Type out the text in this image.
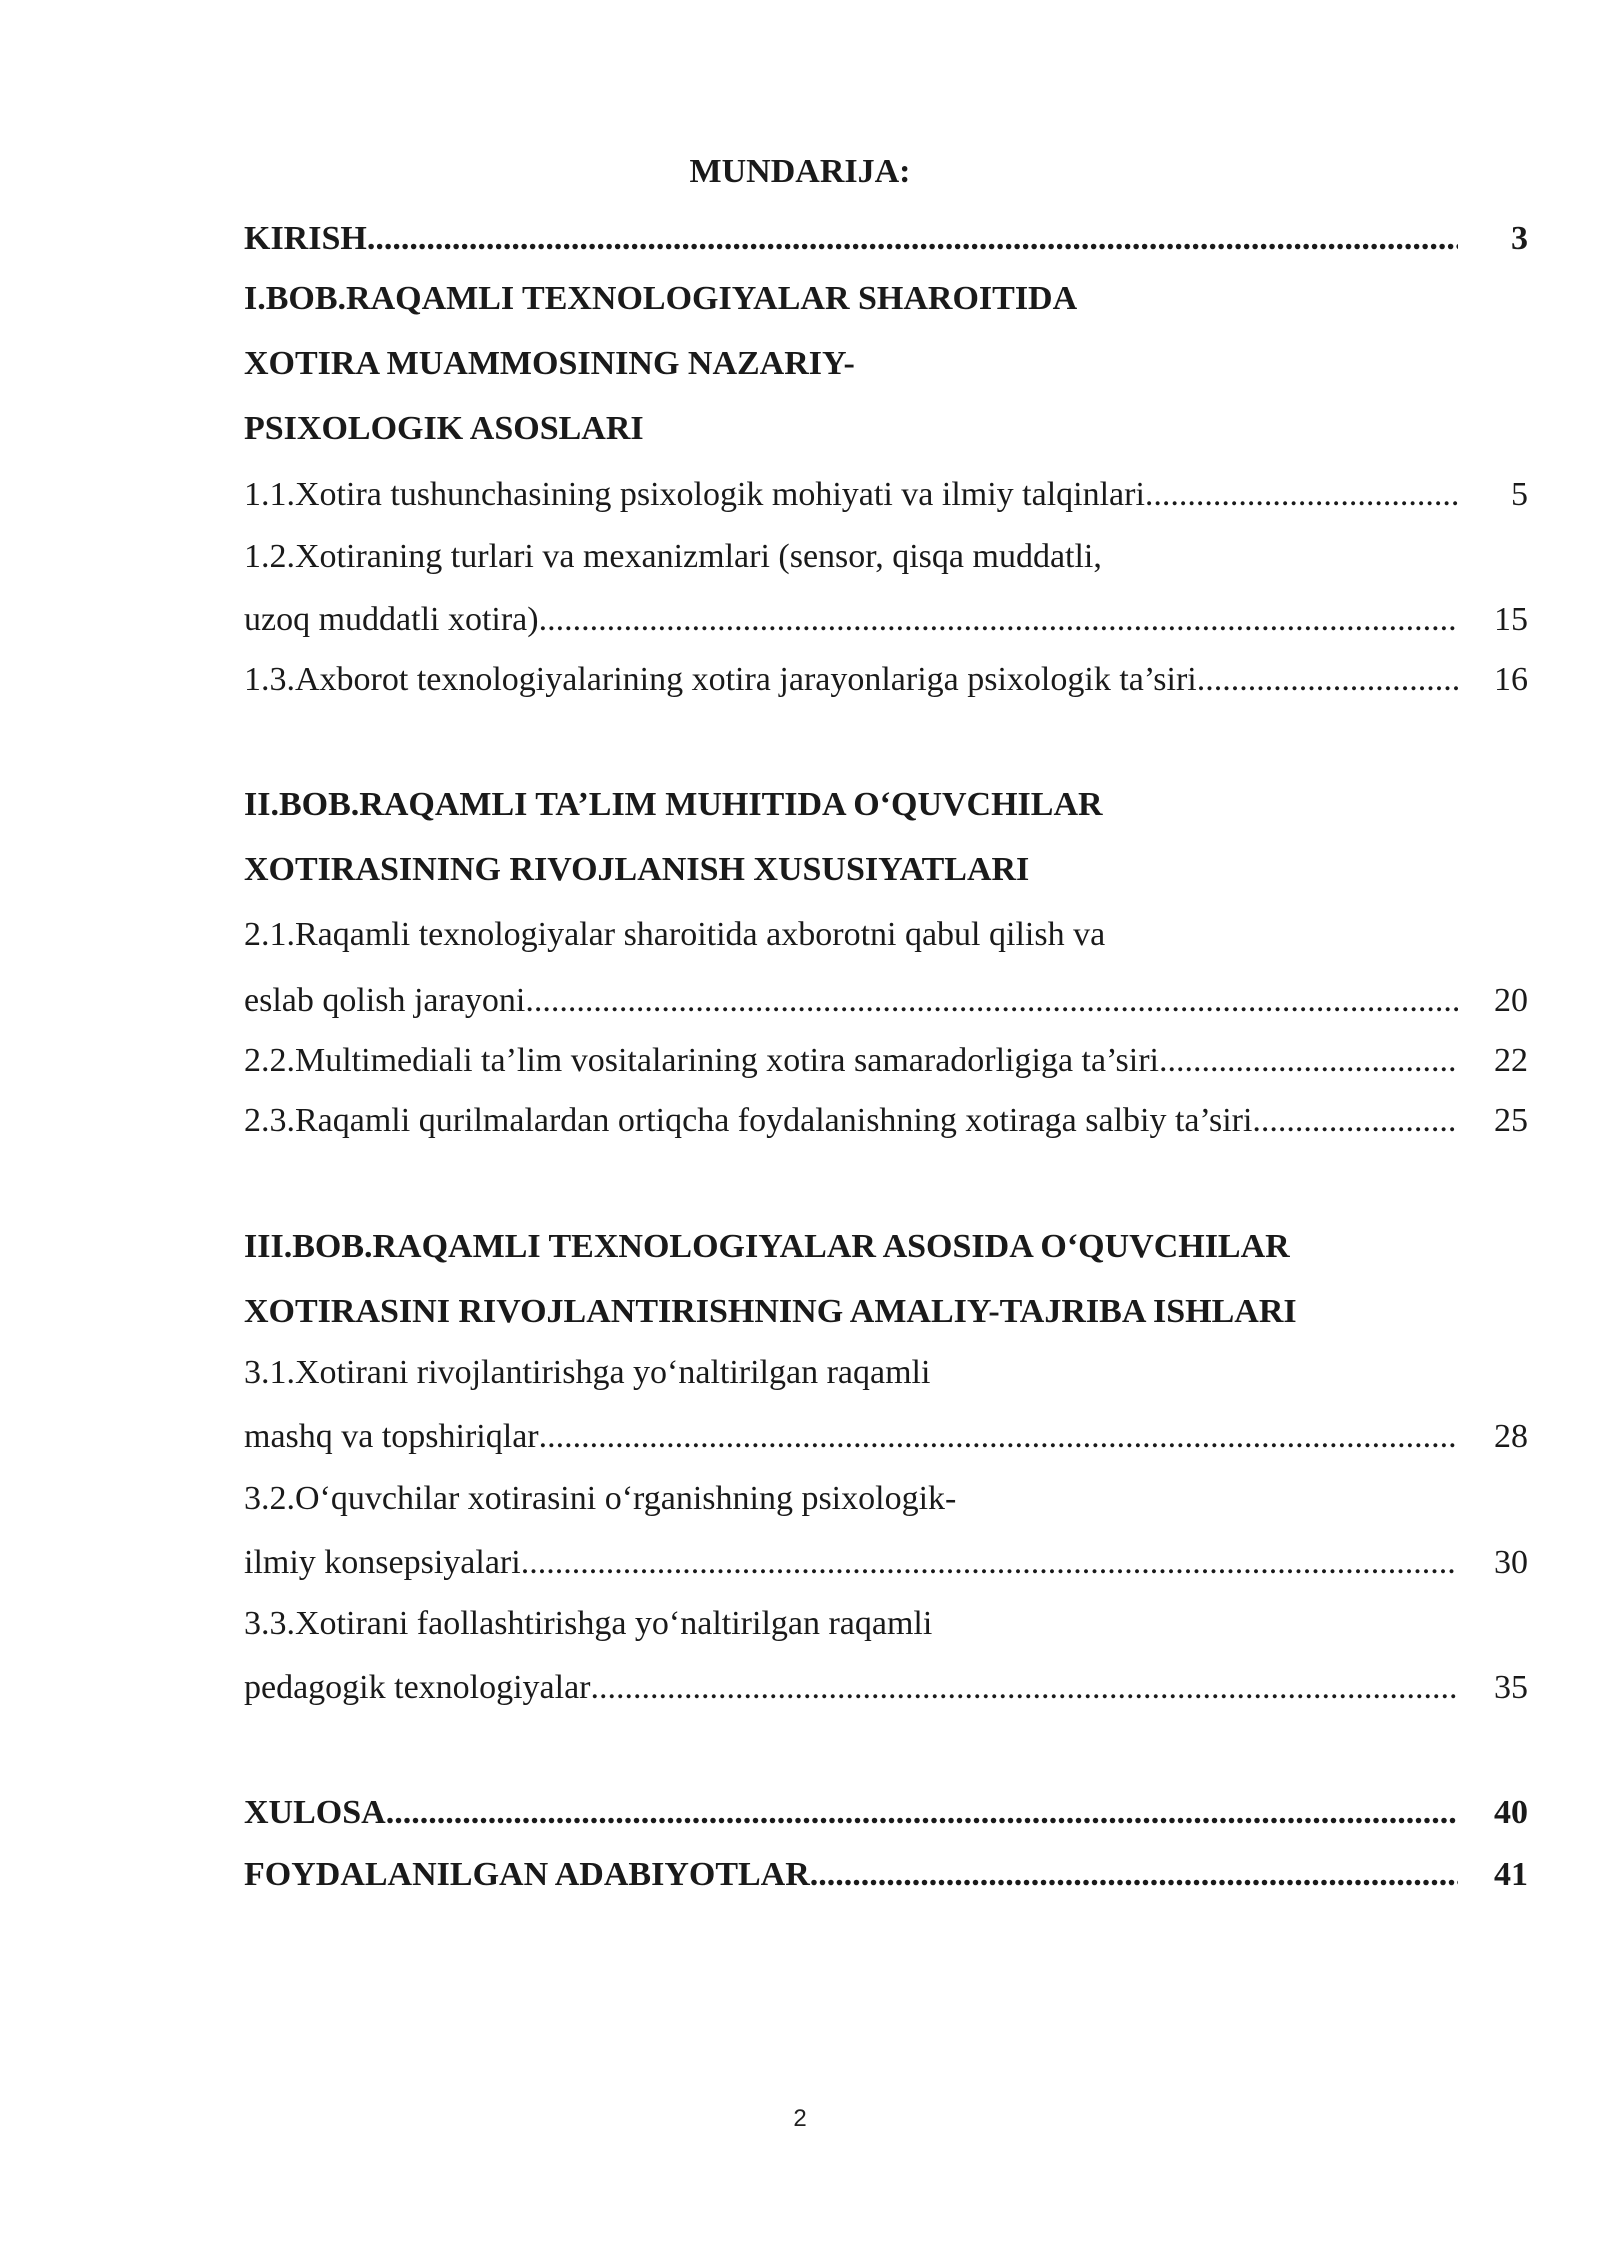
MUNDARIJA:
KIRISH .....	3
I.BOB.RAQAMLI TEXNOLOGIYALAR SHAROITIDA
XOTIRA MUAMMOSINING NAZARIY-
PSIXOLOGIK ASOSLARI
1.1.Xotira tushunchasining psixologik mohiyati va ilmiy talqinlari .....	5
1.2.Xotiraning turlari va mexanizmlari (sensor, qisqa muddatli,
uzoq muddatli xotira) .....	15
1.3.Axborot texnologiyalarining xotira jarayonlariga psixologik ta’siri .....	16
II.BOB.RAQAMLI TA’LIM MUHITIDA O‘QUVCHILAR
XOTIRASINING RIVOJLANISH XUSUSIYATLARI
2.1.Raqamli texnologiyalar sharoitida axborotni qabul qilish va
eslab qolish jarayoni .....	20
2.2.Multimediali ta’lim vositalarining xotira samaradorligiga ta’siri .....	22
2.3.Raqamli qurilmalardan ortiqcha foydalanishning xotiraga salbiy ta’siri .....	25
III.BOB.RAQAMLI TEXNOLOGIYALAR ASOSIDA O‘QUVCHILAR
XOTIRASINI RIVOJLANTIRISHNING AMALIY-TAJRIBA ISHLARI
3.1.Xotirani rivojlantirishga yo‘naltirilgan raqamli
mashq va topshiriqlar .....	28
3.2.O‘quvchilar xotirasini o‘rganishning psixologik-
ilmiy konsepsiyalari .....	30
3.3.Xotirani faollashtirishga yo‘naltirilgan raqamli
pedagogik texnologiyalar .....	35
XULOSA .....	40
FOYDALANILGAN ADABIYOTLAR .....	41
2
